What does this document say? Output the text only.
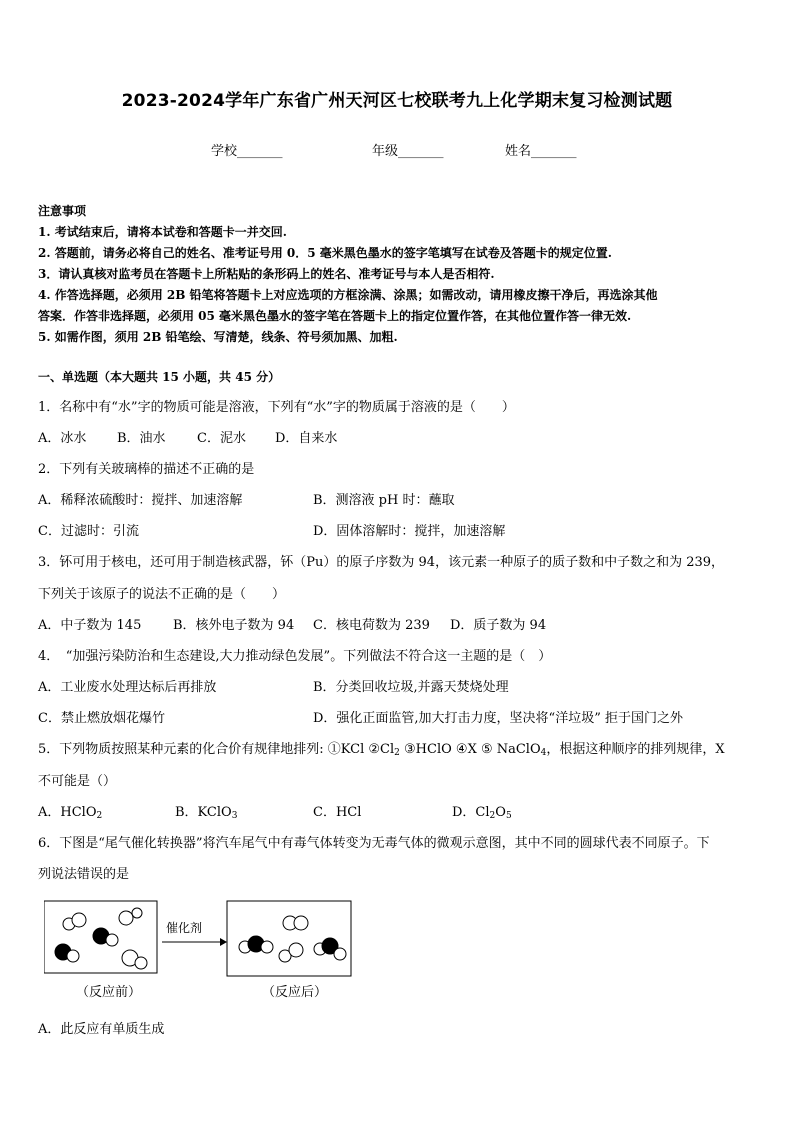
2023-2024学年广东省广州天河区七校联考九上化学期末复习检测试题
学校_______	年级_______	姓名_______
注意事项
1. 考试结束后，请将本试卷和答题卡一并交回.
2. 答题前，请务必将自己的姓名、准考证号用 0．5 毫米黑色墨水的签字笔填写在试卷及答题卡的规定位置.
3．请认真核对监考员在答题卡上所粘贴的条形码上的姓名、准考证号与本人是否相符.
4. 作答选择题，必须用 2B 铅笔将答题卡上对应选项的方框涂满、涂黑；如需改动，请用橡皮擦干净后，再选涂其他
答案．作答非选择题，必须用 05 毫米黑色墨水的签字笔在答题卡上的指定位置作答，在其他位置作答一律无效.
5. 如需作图，须用 2B 铅笔绘、写清楚，线条、符号须加黑、加粗.
一、单选题（本大题共 15 小题，共 45 分）
1．名称中有“水”字的物质可能是溶液，下列有“水”字的物质属于溶液的是（　　）
A．冰水 B．油水 C．泥水 D．自来水
2．下列有关玻璃棒的描述不正确的是
A．稀释浓硫酸时：搅拌、加速溶解	B．测溶液 pH 时：蘸取
C．过滤时：引流	D．固体溶解时：搅拌，加速溶解
3．钚可用于核电，还可用于制造核武器，钚（Pu）的原子序数为 94，该元素一种原子的质子数和中子数之和为 239，
下列关于该原子的说法不正确的是（　　）
A．中子数为 145 B．核外电子数为 94 C．核电荷数为 239 D．质子数为 94
4．　“加强污染防治和生态建设,大力推动绿色发展”。下列做法不符合这一主题的是（　）
A．工业废水处理达标后再排放	B．分类回收垃圾,并露天焚烧处理
C．禁止燃放烟花爆竹	D．强化正面监管,加大打击力度，坚决将“洋垃圾” 拒于国门之外
5．下列物质按照某种元素的化合价有规律地排列: ①KCl $②Cl_2$ ③HClO ④X ⑤ NaClO$_4$，根据这种顺序的排列规律，X
不可能是（）
A．HClO$_2$	B．KClO$_3$	C．HCl	D．$Cl_2O_5$
6．下图是“尾气催化转换器”将汽车尾气中有毒气体转变为无毒气体的微观示意图，其中不同的圆球代表不同原子。下
列说法错误的是
催化剂
（反应前）	（反应后）
A．此反应有单质生成
